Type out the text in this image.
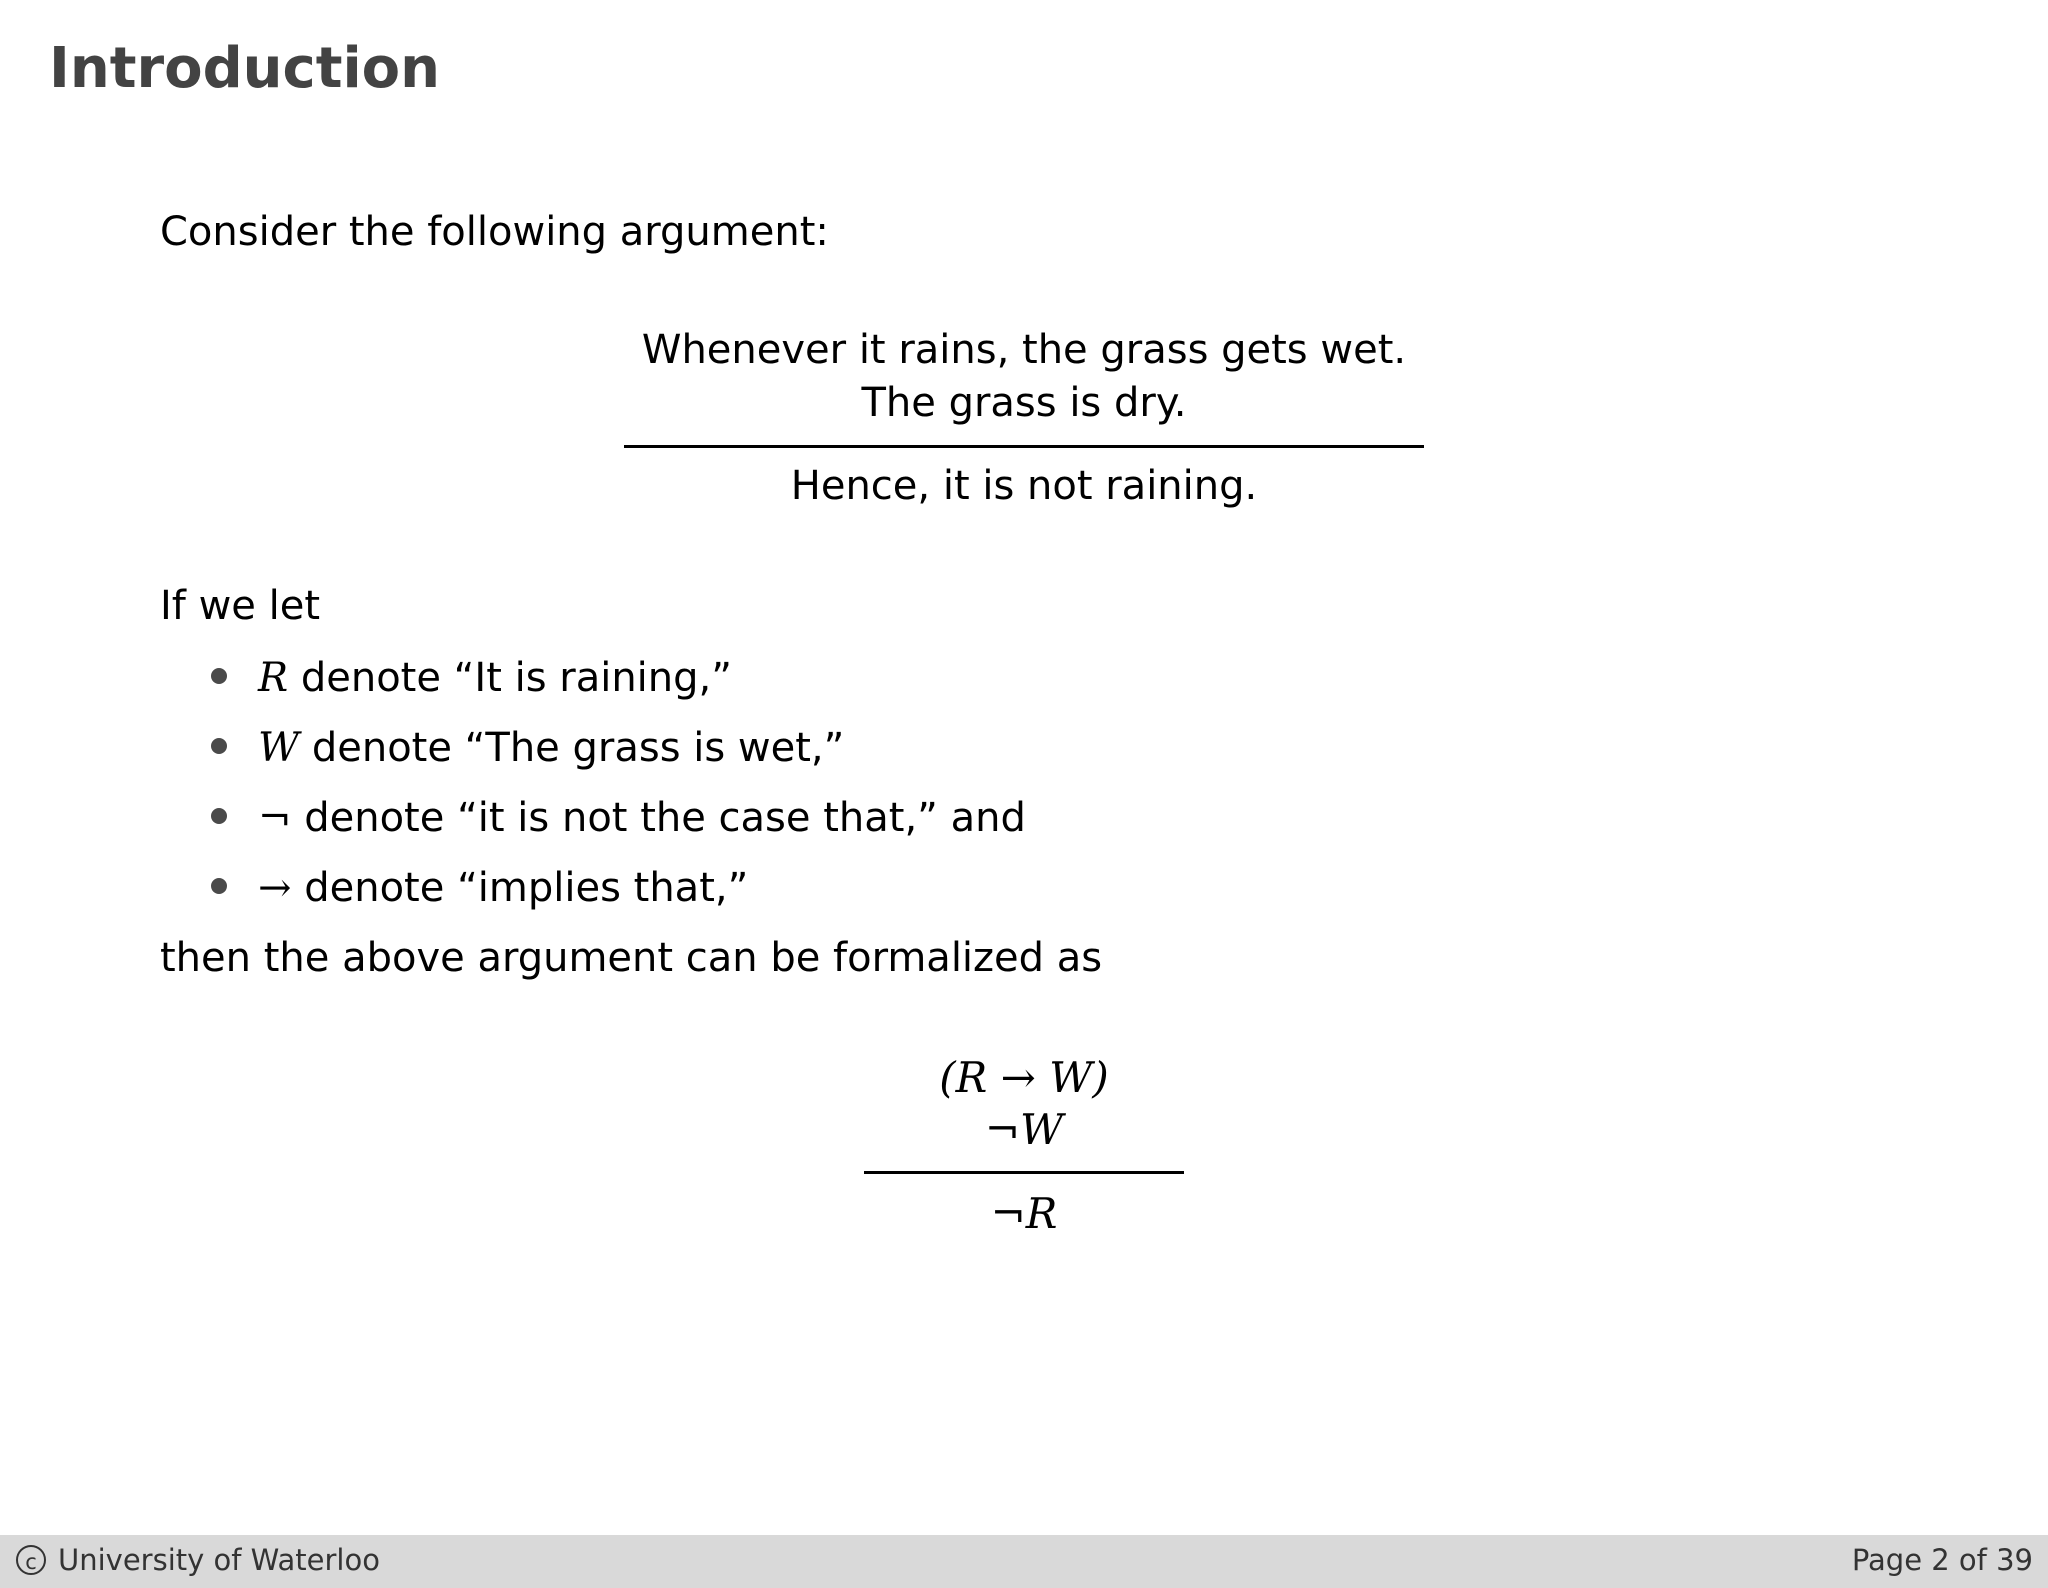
Introduction
Consider the following argument:
Whenever it rains, the grass gets wet.
The grass is dry.
Hence, it is not raining.
If we let
R denote “It is raining,”
W denote “The grass is wet,”
¬ denote “it is not the case that,” and
→ denote “implies that,”
then the above argument can be formalized as
(R → W)
¬W
¬R
c University of Waterloo	Page 2 of 39
